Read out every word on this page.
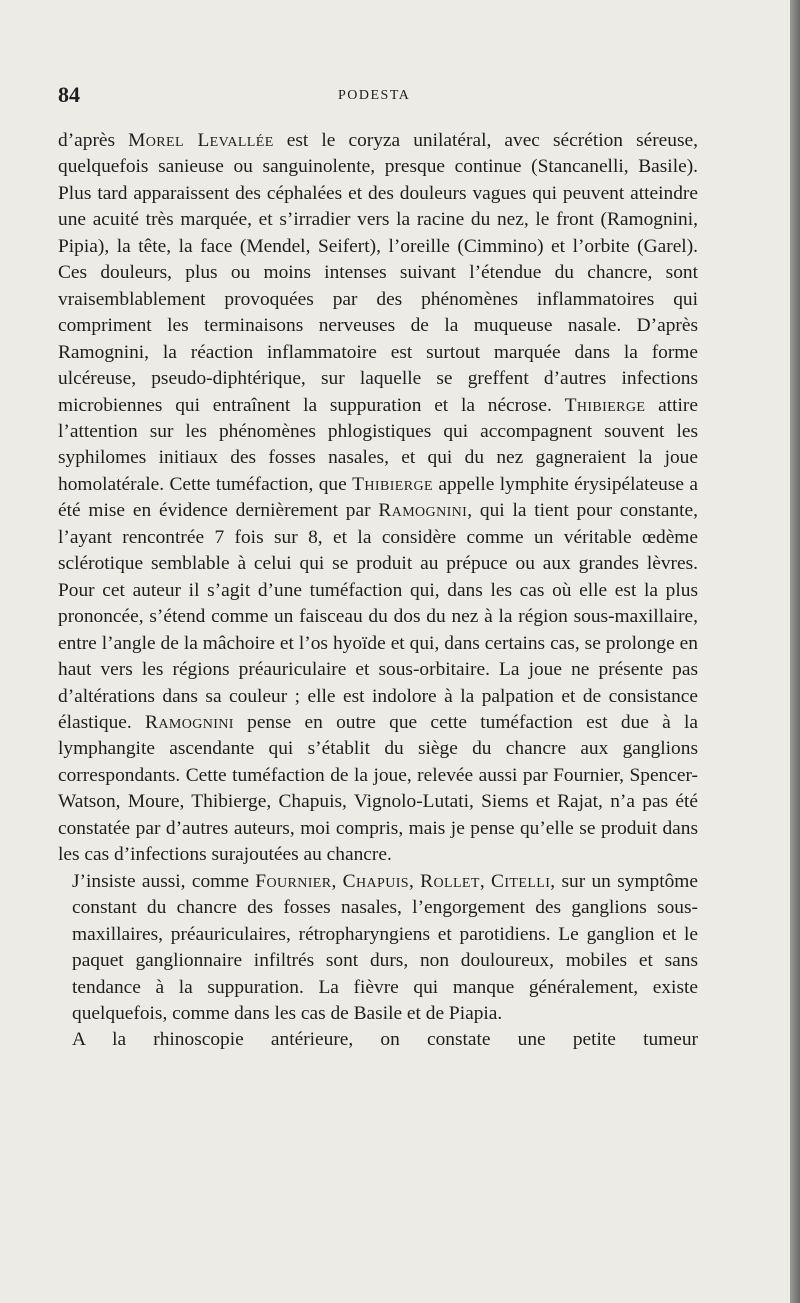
84	PODESTA

d’après Morel Levallée est le coryza unilatéral, avec sécrétion séreuse, quelquefois sanieuse ou sanguinolente, presque continue (Stancanelli, Basile). Plus tard apparaissent des céphalées et des douleurs vagues qui peuvent atteindre une acuité très marquée, et s’irradier vers la racine du nez, le front (Ramognini, Pipia), la tête, la face (Mendel, Seifert), l’oreille (Cimmino) et l’orbite (Garel). Ces douleurs, plus ou moins intenses suivant l’étendue du chancre, sont vraisemblablement provoquées par des phénomènes inflammatoires qui compriment les terminaisons nerveuses de la muqueuse nasale. D’après Ramognini, la réaction inflammatoire est surtout marquée dans la forme ulcéreuse, pseudo-diphtérique, sur laquelle se greffent d’autres infections microbiennes qui entraînent la suppuration et la nécrose. Thibierge attire l’attention sur les phénomènes phlogistiques qui accompagnent souvent les syphilomes initiaux des fosses nasales, et qui du nez gagneraient la joue homolatérale. Cette tuméfaction, que Thibierge appelle lymphite érysipélateuse a été mise en évidence dernièrement par Ramognini, qui la tient pour constante, l’ayant rencontrée 7 fois sur 8, et la considère comme un véritable œdème sclérotique semblable à celui qui se produit au prépuce ou aux grandes lèvres. Pour cet auteur il s’agit d’une tuméfaction qui, dans les cas où elle est la plus prononcée, s’étend comme un faisceau du dos du nez à la région sous-maxillaire, entre l’angle de la mâchoire et l’os hyoïde et qui, dans certains cas, se prolonge en haut vers les régions préauriculaire et sous-orbitaire. La joue ne présente pas d’altérations dans sa couleur ; elle est indolore à la palpation et de consistance élastique. Ramognini pense en outre que cette tuméfaction est due à la lymphangite ascendante qui s’établit du siège du chancre aux ganglions correspondants. Cette tuméfaction de la joue, relevée aussi par Fournier, Spencer-Watson, Moure, Thibierge, Chapuis, Vignolo-Lutati, Siems et Rajat, n’a pas été constatée par d’autres auteurs, moi compris, mais je pense qu’elle se produit dans les cas d’infections surajoutées au chancre.

J’insiste aussi, comme Fournier, Chapuis, Rollet, Citelli, sur un symptôme constant du chancre des fosses nasales, l’engorgement des ganglions sous-maxillaires, préauriculaires, rétropharyngiens et parotidiens. Le ganglion et le paquet ganglionnaire infiltrés sont durs, non douloureux, mobiles et sans tendance à la suppuration. La fièvre qui manque généralement, existe quelquefois, comme dans les cas de Basile et de Piapia.

A la rhinoscopie antérieure, on constate une petite tumeur
